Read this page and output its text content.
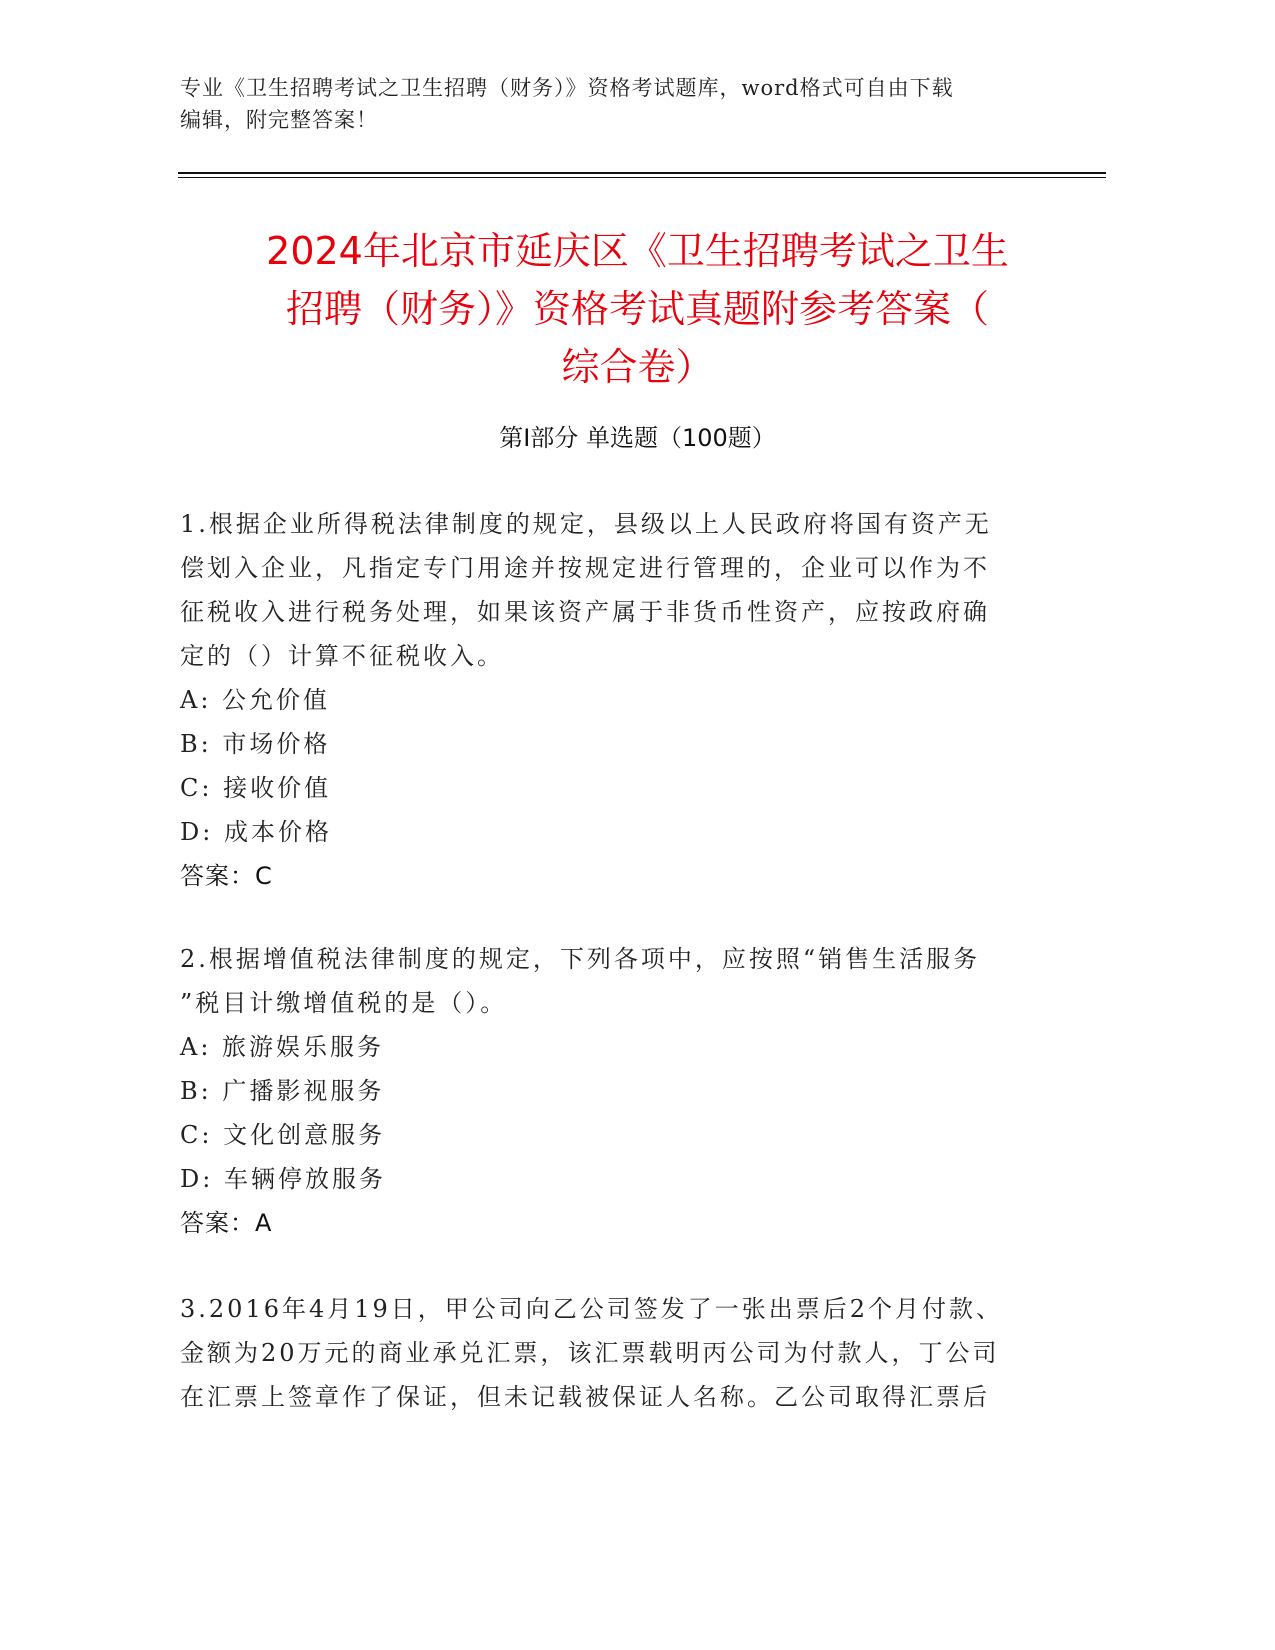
专业《卫生招聘考试之卫生招聘（财务）》资格考试题库，word格式可自由下载
编辑，附完整答案！
2024年北京市延庆区《卫生招聘考试之卫生
招聘（财务）》资格考试真题附参考答案（
综合卷）
第Ⅰ部分 单选题（100题）

1.根据企业所得税法律制度的规定，县级以上人民政府将国有资产无
偿划入企业，凡指定专门用途并按规定进行管理的，企业可以作为不
征税收入进行税务处理，如果该资产属于非货币性资产，应按政府确
定的（）计算不征税收入。

A: 公允价值

B: 市场价格

C: 接收价值

D: 成本价格

答案：C

2.根据增值税法律制度的规定，下列各项中，应按照“销售生活服务
”税目计缴增值税的是（）。

A: 旅游娱乐服务

B: 广播影视服务

C: 文化创意服务

D: 车辆停放服务

答案：A

3.2016年4月19日，甲公司向乙公司签发了一张出票后2个月付款、
金额为20万元的商业承兑汇票，该汇票载明丙公司为付款人，丁公司
在汇票上签章作了保证，但未记载被保证人名称。乙公司取得汇票后
